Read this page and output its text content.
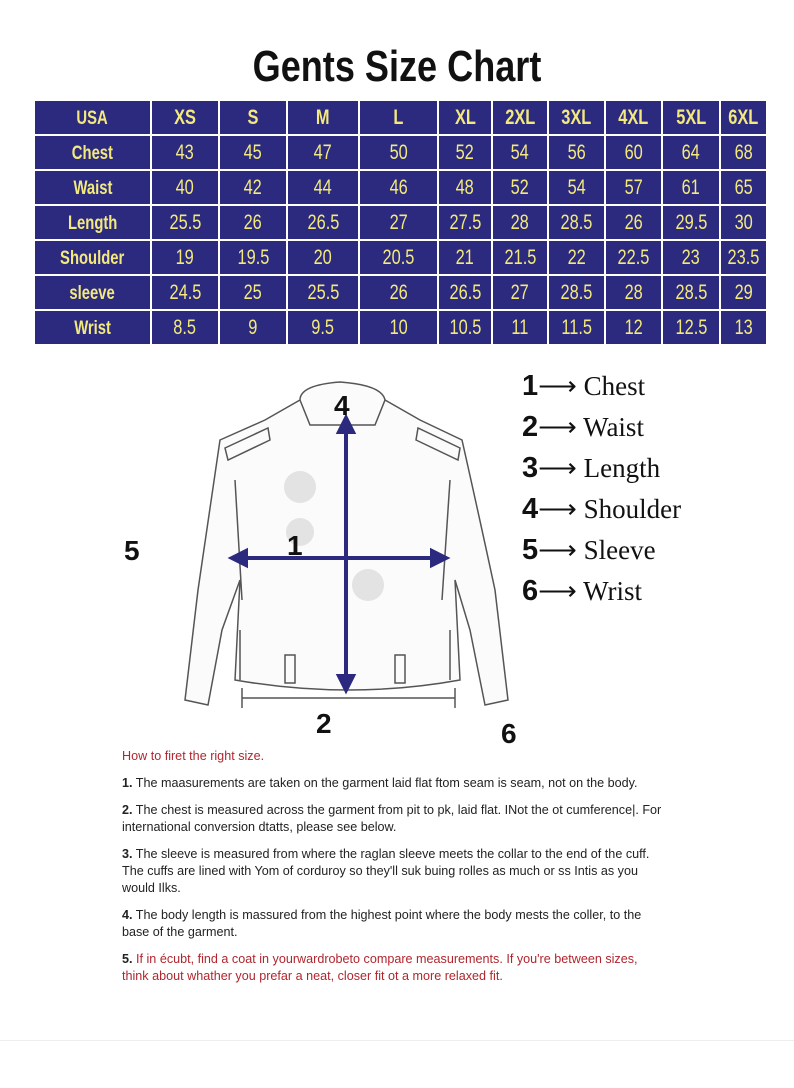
Gents Size Chart
USA	XS	S	M	L	XL	2XL	3XL	4XL	5XL	6XL
Chest	43	45	47	50	52	54	56	60	64	68
Waist	40	42	44	46	48	52	54	57	61	65
Length	25.5	26	26.5	27	27.5	28	28.5	26	29.5	30
Shoulder	19	19.5	20	20.5	21	21.5	22	22.5	23	23.5
sleeve	24.5	25	25.5	26	26.5	27	28.5	28	28.5	29
Wrist	8.5	9	9.5	10	10.5	11	11.5	12	12.5	13
4
1
5
2	6
1⟶ Chest
2⟶ Waist
3⟶ Length
4⟶ Shoulder
5⟶ Sleeve
6⟶ Wrist

How to firet the right size.

1. The maasurements are taken on the garment laid flat ftom seam is seam, not on the body.

2. The chest is measured across the garment from pit to pk, laid flat. INot the ot cumference|. For international conversion dtatts, please see below.

3. The sleeve is measured from where the raglan sleeve meets the collar to the end of the cuff. The cuffs are lined with Yom of corduroy so they'll suk buing rolles as much or ss Intis as you would Ilks.

4. The body length is massured from the highest point where the body mests the coller, to the base of the garment.

5. If in écubt, find a coat in yourwardrobeto compare measurements. If you're between sizes, think about whather you prefar a neat, closer fit ot a more relaxed fit.
